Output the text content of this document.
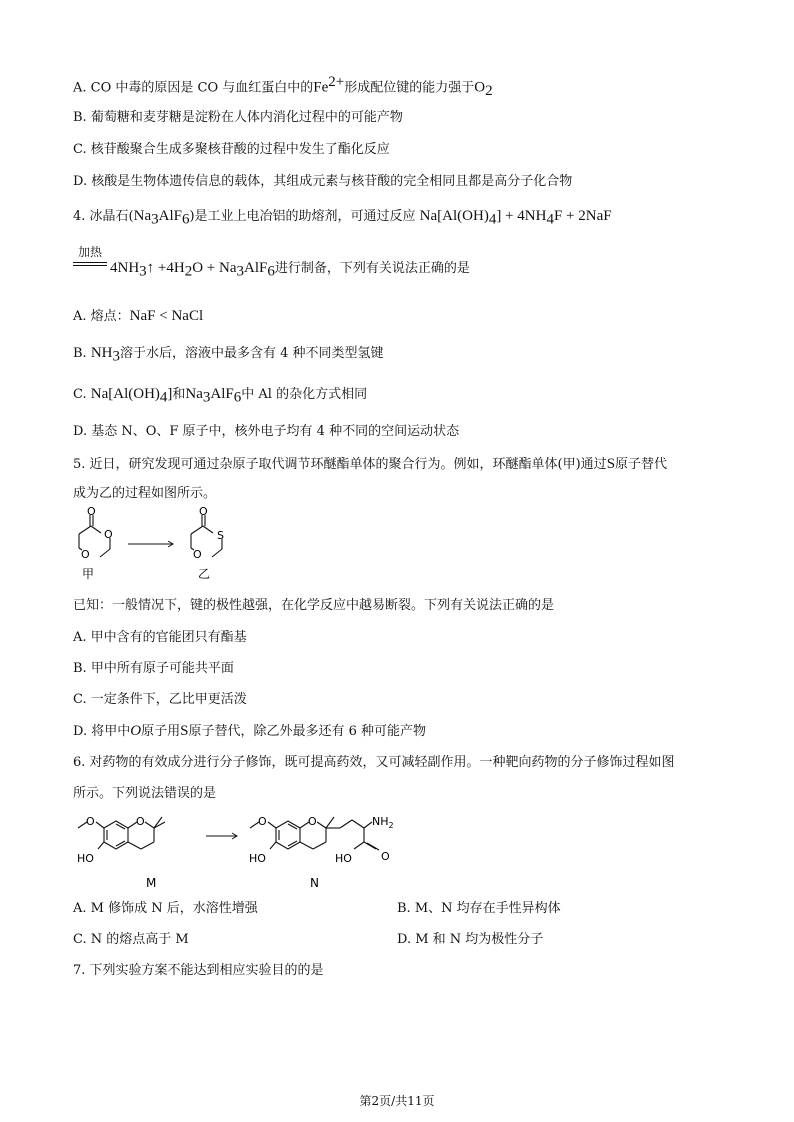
A. CO 中毒的原因是 CO 与血红蛋白中的$Fe^{2+}$形成配位键的能力强于$O_2$
B. 葡萄糖和麦芽糖是淀粉在人体内消化过程中的可能产物
C. 核苷酸聚合生成多聚核苷酸的过程中发生了酯化反应
D. 核酸是生物体遗传信息的载体，其组成元素与核苷酸的完全相同且都是高分子化合物
4. 冰晶石$(Na_3AlF_6)$是工业上电冶铝的助熔剂，可通过反应 $Na[Al(OH)_4] + 4NH_4F + 2NaF$
加热
$4NH_3↑ +4H_2O + Na_3AlF_6$进行制备，下列有关说法正确的是
A. 熔点：NaF < NaCl
B. $NH_3$溶于水后，溶液中最多含有 4 种不同类型氢键
C. $Na[Al(OH)_4]$和$Na_3AlF_6$中 Al 的杂化方式相同
D. 基态 N、O、F 原子中，核外电子均有 4 种不同的空间运动状态
5. 近日，研究发现可通过杂原子取代调节环醚酯单体的聚合行为。例如，环醚酯单体(甲)通过S原子替代
成为乙的过程如图所示。
O
O
O
甲
O
S
O
乙
已知：一般情况下，键的极性越强，在化学反应中越易断裂。下列有关说法正确的是
A. 甲中含有的官能团只有酯基
B. 甲中所有原子可能共平面
C. 一定条件下，乙比甲更活泼
D. 将甲中O原子用S原子替代，除乙外最多还有 6 种可能产物
6. 对药物的有效成分进行分子修饰，既可提高药效，又可减轻副作用。一种靶向药物的分子修饰过程如图
所示。下列说法错误的是
O	O
HO
M
O	O
HO	HO	O
$NH_2$
N
A. M 修饰成 N 后，水溶性增强	B. M、N 均存在手性异构体
C. N 的熔点高于 M	D. M 和 N 均为极性分子
7. 下列实验方案不能达到相应实验目的的是
第2页/共11页
